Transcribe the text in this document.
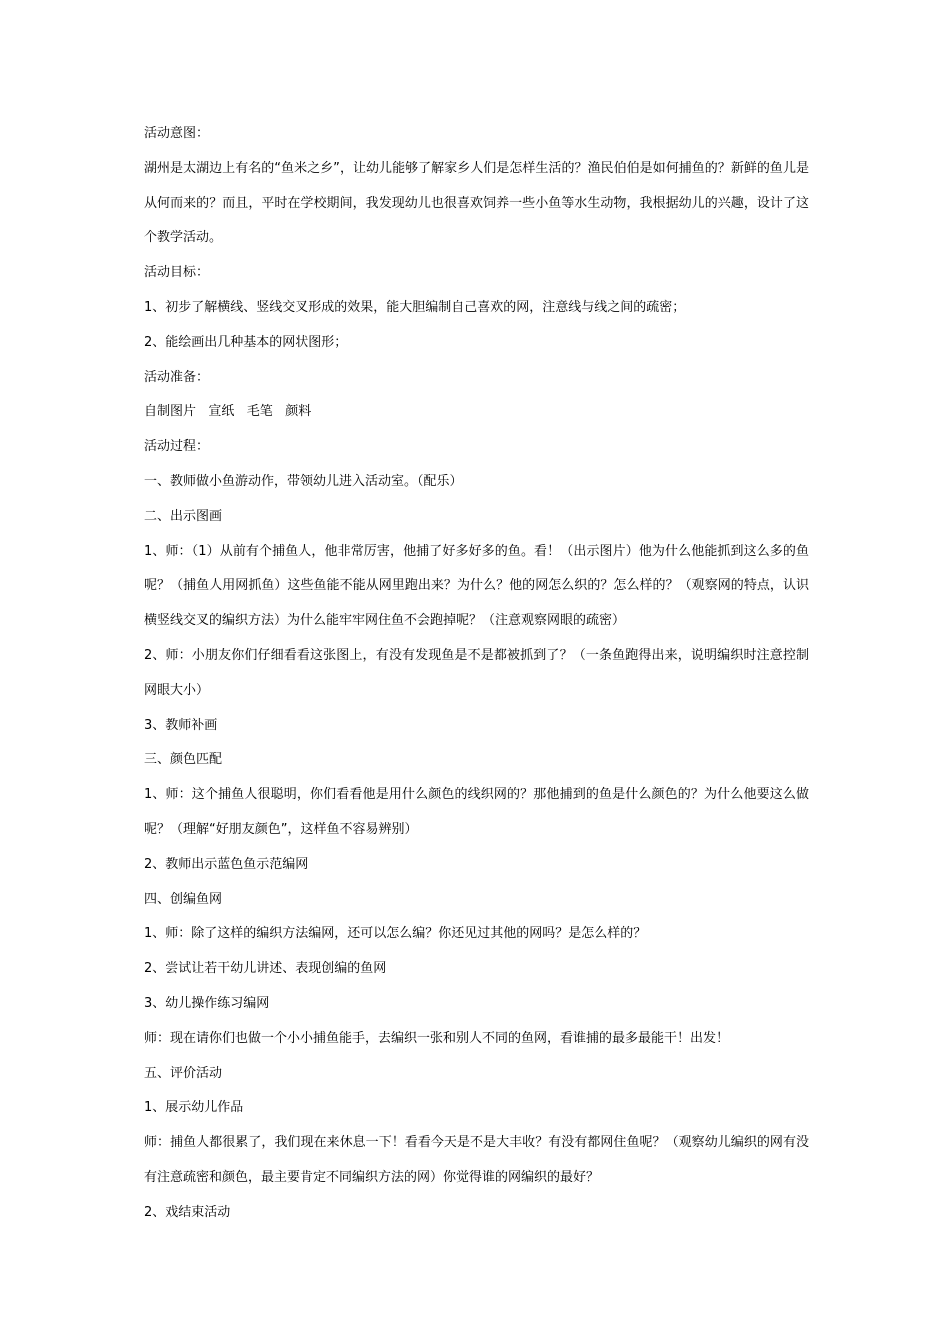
活动意图：

湖州是太湖边上有名的“鱼米之乡”，让幼儿能够了解家乡人们是怎样生活的？渔民伯伯是如何捕鱼的？新鲜的鱼儿是从何而来的？而且，平时在学校期间，我发现幼儿也很喜欢饲养一些小鱼等水生动物，我根据幼儿的兴趣，设计了这个教学活动。

活动目标：

1、初步了解横线、竖线交叉形成的效果，能大胆编制自己喜欢的网，注意线与线之间的疏密；

2、能绘画出几种基本的网状图形；

活动准备：

自制图片   宣纸   毛笔   颜料

活动过程：

一、教师做小鱼游动作，带领幼儿进入活动室。（配乐）

二、出示图画

1、师：（1）从前有个捕鱼人，他非常厉害，他捕了好多好多的鱼。看！（出示图片）他为什么他能抓到这么多的鱼呢？（捕鱼人用网抓鱼）这些鱼能不能从网里跑出来？为什么？他的网怎么织的？怎么样的？（观察网的特点，认识横竖线交叉的编织方法）为什么能牢牢网住鱼不会跑掉呢？（注意观察网眼的疏密）

2、师：小朋友你们仔细看看这张图上，有没有发现鱼是不是都被抓到了？（一条鱼跑得出来，说明编织时注意控制网眼大小）

3、教师补画

三、颜色匹配

1、师：这个捕鱼人很聪明，你们看看他是用什么颜色的线织网的？那他捕到的鱼是什么颜色的？为什么他要这么做呢？（理解“好朋友颜色”，这样鱼不容易辨别）

2、教师出示蓝色鱼示范编网

四、创编鱼网

1、师：除了这样的编织方法编网，还可以怎么编？你还见过其他的网吗？是怎么样的？

2、尝试让若干幼儿讲述、表现创编的鱼网

3、幼儿操作练习编网

师：现在请你们也做一个小小捕鱼能手，去编织一张和别人不同的鱼网，看谁捕的最多最能干！出发！

五、评价活动

1、展示幼儿作品

师：捕鱼人都很累了，我们现在来休息一下！看看今天是不是大丰收？有没有都网住鱼呢？（观察幼儿编织的网有没有注意疏密和颜色，最主要肯定不同编织方法的网）你觉得谁的网编织的最好？

2、戏结束活动
